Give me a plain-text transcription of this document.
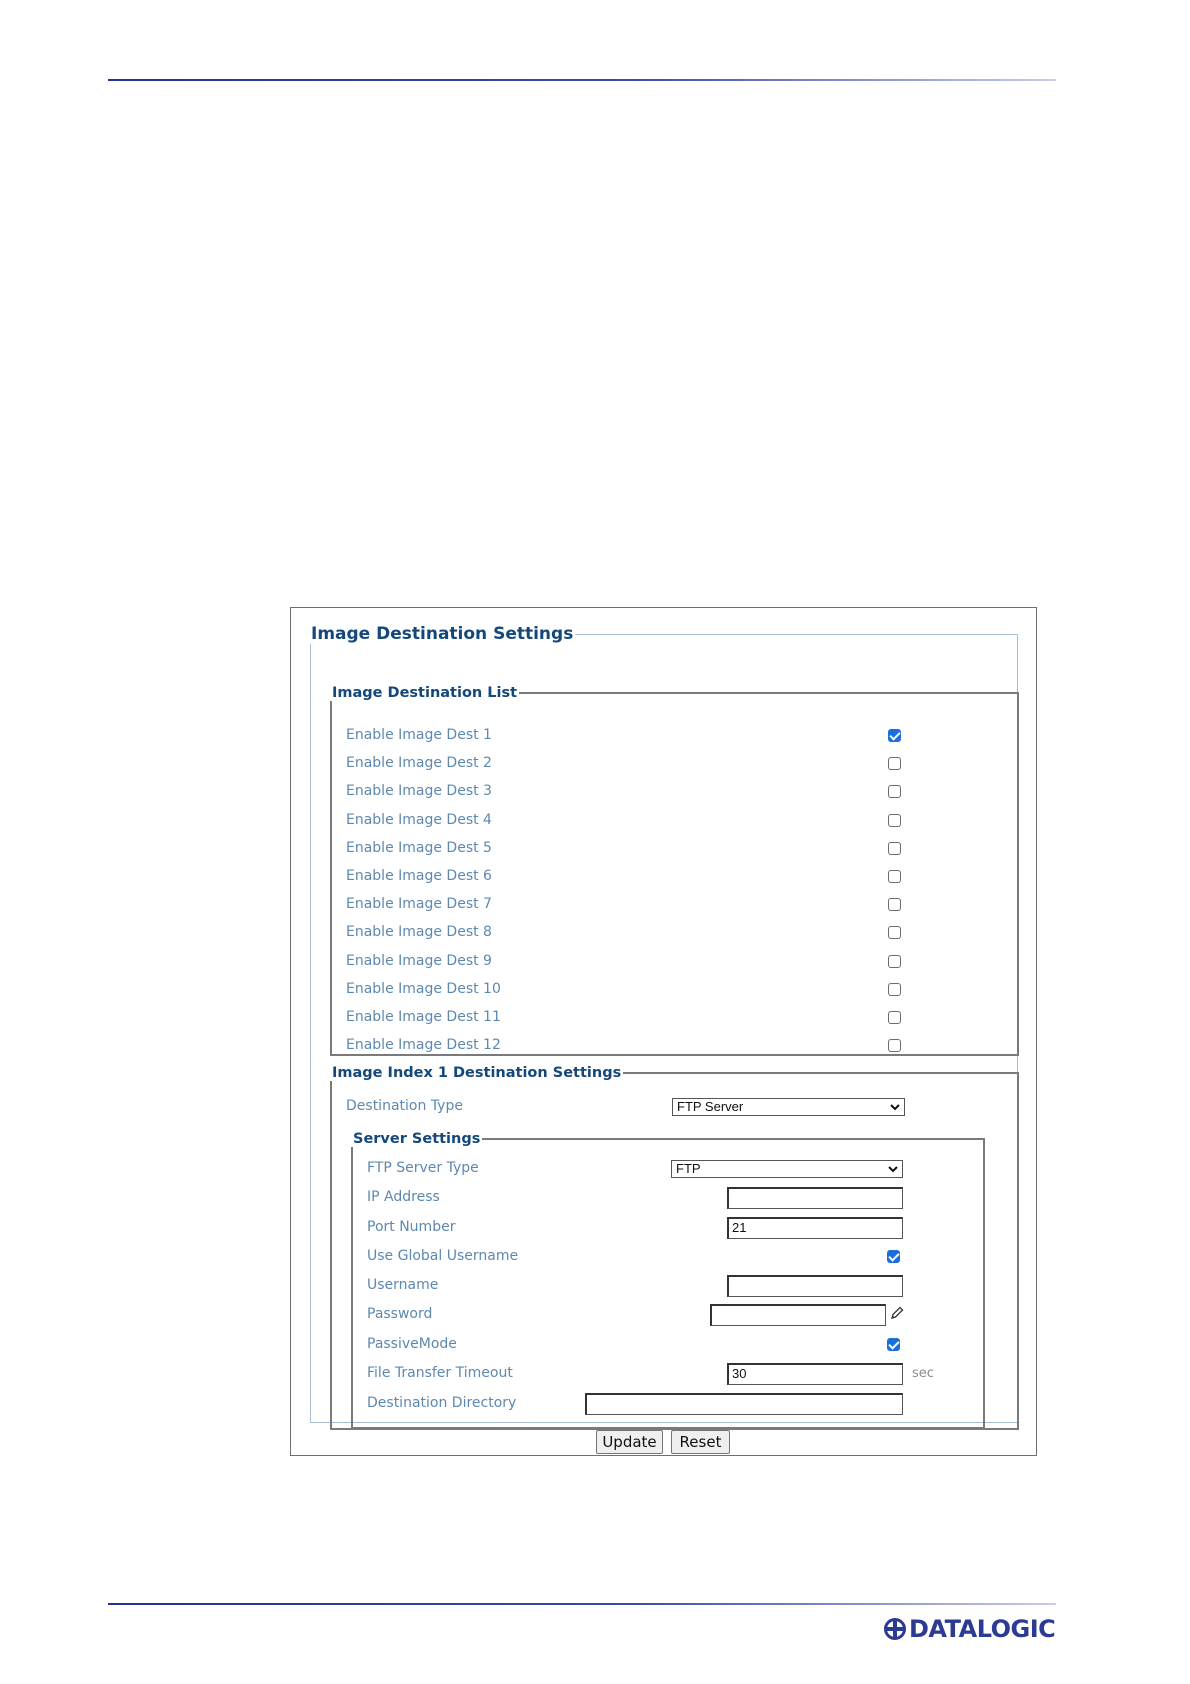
Image Destination Settings
Image Destination List
Enable Image Dest 1
Enable Image Dest 2
Enable Image Dest 3
Enable Image Dest 4
Enable Image Dest 5
Enable Image Dest 6
Enable Image Dest 7
Enable Image Dest 8
Enable Image Dest 9
Enable Image Dest 10
Enable Image Dest 11
Enable Image Dest 12
Image Index 1 Destination Settings
Destination Type	FTP Server
Server Settings
FTP Server Type	FTP
IP Address
Port Number	21
Use Global Username
Username
Password
PassiveMode
File Transfer Timeout	30	sec
Destination Directory
Update	Reset
DATALOGIC
